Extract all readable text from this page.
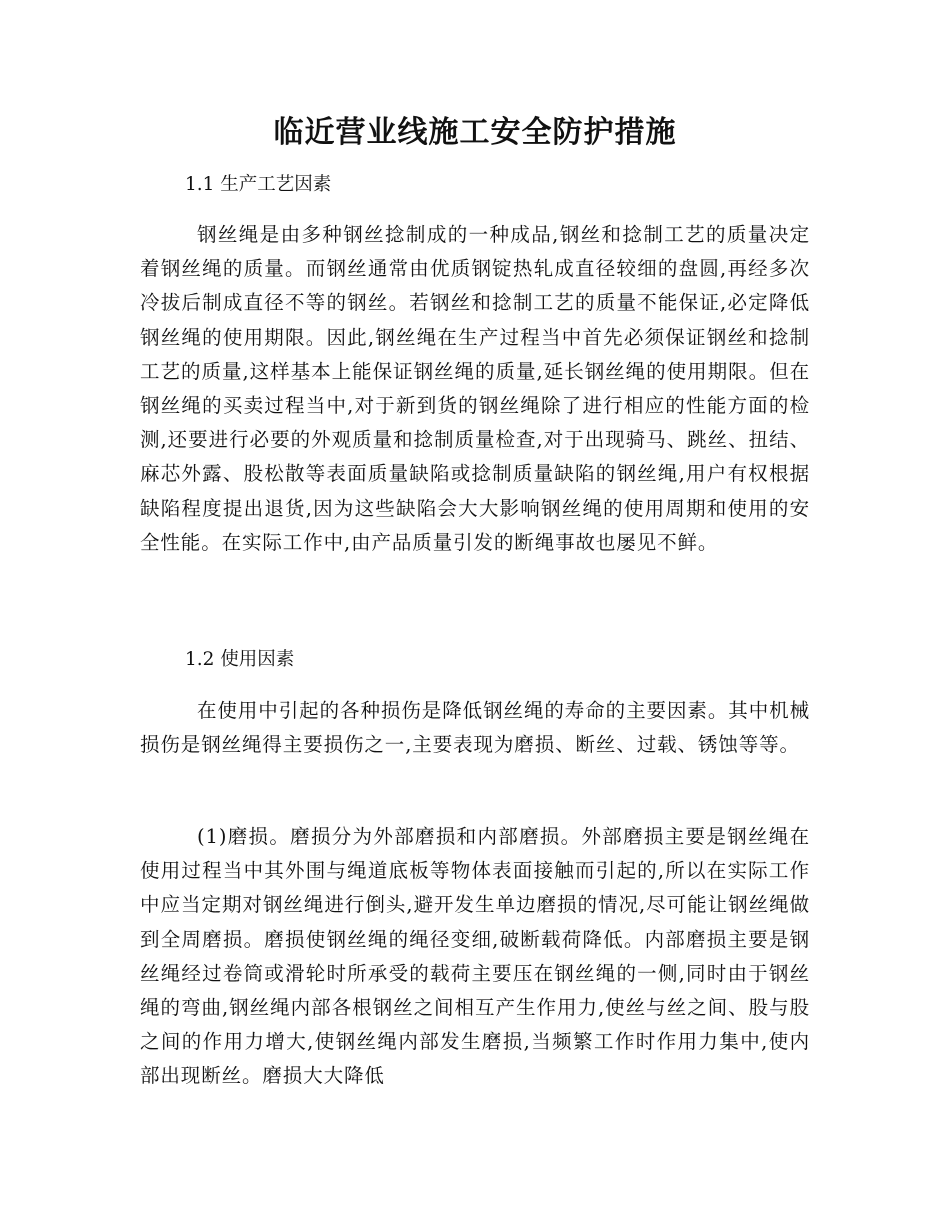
临近营业线施工安全防护措施

1.1 生产工艺因素

钢丝绳是由多种钢丝捻制成的一种成品,钢丝和捻制工艺的质量决定着钢丝绳的质量。而钢丝通常由优质钢锭热轧成直径较细的盘圆,再经多次冷拔后制成直径不等的钢丝。若钢丝和捻制工艺的质量不能保证,必定降低钢丝绳的使用期限。因此,钢丝绳在生产过程当中首先必须保证钢丝和捻制工艺的质量,这样基本上能保证钢丝绳的质量,延长钢丝绳的使用期限。但在钢丝绳的买卖过程当中,对于新到货的钢丝绳除了进行相应的性能方面的检测,还要进行必要的外观质量和捻制质量检查,对于出现骑马、跳丝、扭结、麻芯外露、股松散等表面质量缺陷或捻制质量缺陷的钢丝绳,用户有权根据缺陷程度提出退货,因为这些缺陷会大大影响钢丝绳的使用周期和使用的安全性能。在实际工作中,由产品质量引发的断绳事故也屡见不鲜。

1.2 使用因素

在使用中引起的各种损伤是降低钢丝绳的寿命的主要因素。其中机械损伤是钢丝绳得主要损伤之一,主要表现为磨损、断丝、过载、锈蚀等等。

(1)磨损。磨损分为外部磨损和内部磨损。外部磨损主要是钢丝绳在使用过程当中其外围与绳道底板等物体表面接触而引起的,所以在实际工作中应当定期对钢丝绳进行倒头,避开发生单边磨损的情况,尽可能让钢丝绳做到全周磨损。磨损使钢丝绳的绳径变细,破断载荷降低。内部磨损主要是钢丝绳经过卷筒或滑轮时所承受的载荷主要压在钢丝绳的一侧,同时由于钢丝绳的弯曲,钢丝绳内部各根钢丝之间相互产生作用力,使丝与丝之间、股与股之间的作用力增大,使钢丝绳内部发生磨损,当频繁工作时作用力集中,使内部出现断丝。磨损大大降低
